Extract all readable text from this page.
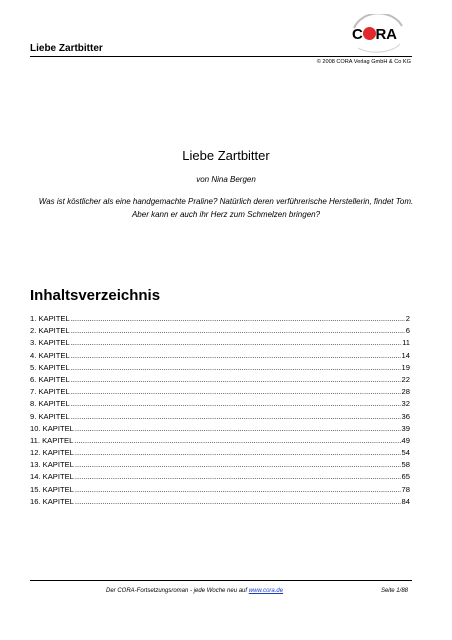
C RA
Liebe Zartbitter
© 2008 CORA Verlag GmbH & Co KG
Liebe Zartbitter
von Nina Bergen
Was ist köstlicher als eine handgemachte Praline? Natürlich deren verführerische Herstellerin, findet Tom. Aber kann er auch ihr Herz zum Schmelzen bringen?
Inhaltsverzeichnis
1. KAPITEL .....	2
2. KAPITEL .....	6
3. KAPITEL .....	11
4. KAPITEL .....	14
5. KAPITEL .....	19
6. KAPITEL .....	22
7. KAPITEL .....	28
8. KAPITEL .....	32
9. KAPITEL .....	36
10. KAPITEL .....	39
11. KAPITEL .....	49
12. KAPITEL .....	54
13. KAPITEL .....	58
14. KAPITEL .....	65
15. KAPITEL .....	78
16. KAPITEL .....	84
Der CORA-Fortsetzungsroman - jede Woche neu auf www.cora.de	Seite 1/88
